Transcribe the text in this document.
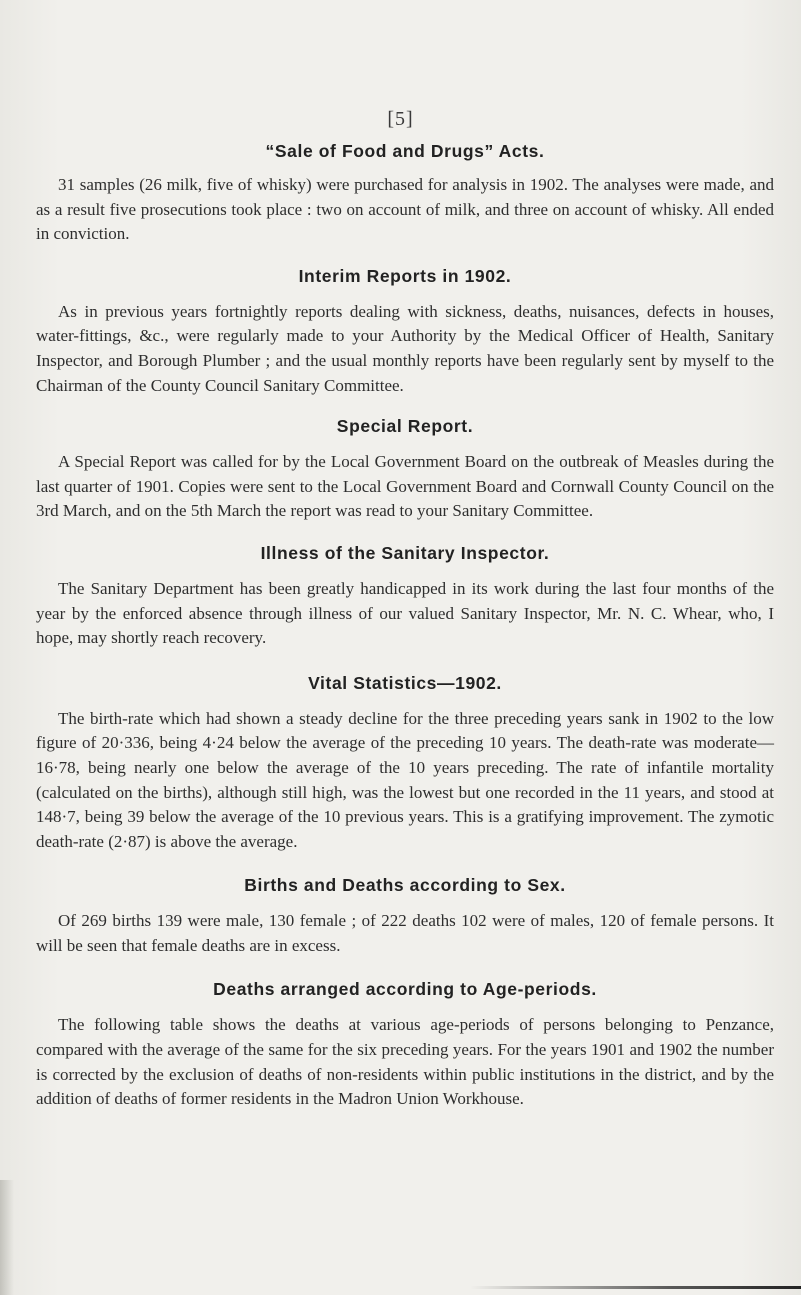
[5]
“Sale of Food and Drugs” Acts.

31 samples (26 milk, five of whisky) were purchased for analysis in 1902. The analyses were made, and as a result five prosecutions took place : two on account of milk, and three on account of whisky. All ended in conviction.

Interim Reports in 1902.

As in previous years fortnightly reports dealing with sickness, deaths, nuisances, defects in houses, water-fittings, &c., were regularly made to your Authority by the Medical Officer of Health, Sanitary Inspector, and Borough Plumber ; and the usual monthly reports have been regularly sent by myself to the Chairman of the County Council Sanitary Committee.

Special Report.

A Special Report was called for by the Local Government Board on the outbreak of Measles during the last quarter of 1901. Copies were sent to the Local Government Board and Cornwall County Council on the 3rd March, and on the 5th March the report was read to your Sanitary Committee.

Illness of the Sanitary Inspector.

The Sanitary Department has been greatly handicapped in its work during the last four months of the year by the enforced absence through illness of our valued Sanitary Inspector, Mr. N. C. Whear, who, I hope, may shortly reach recovery.

Vital Statistics—1902.

The birth-rate which had shown a steady decline for the three preceding years sank in 1902 to the low figure of 20·336, being 4·24 below the average of the preceding 10 years. The death-rate was moderate—16·78, being nearly one below the average of the 10 years preceding. The rate of infantile mortality (calculated on the births), although still high, was the lowest but one recorded in the 11 years, and stood at 148·7, being 39 below the average of the 10 previous years. This is a gratifying improvement. The zymotic death-rate (2·87) is above the average.

Births and Deaths according to Sex.

Of 269 births 139 were male, 130 female ; of 222 deaths 102 were of males, 120 of female persons. It will be seen that female deaths are in excess.

Deaths arranged according to Age-periods.

The following table shows the deaths at various age-periods of persons belonging to Penzance, compared with the average of the same for the six preceding years. For the years 1901 and 1902 the number is corrected by the exclusion of deaths of non-residents within public institutions in the district, and by the addition of deaths of former residents in the Madron Union Workhouse.
